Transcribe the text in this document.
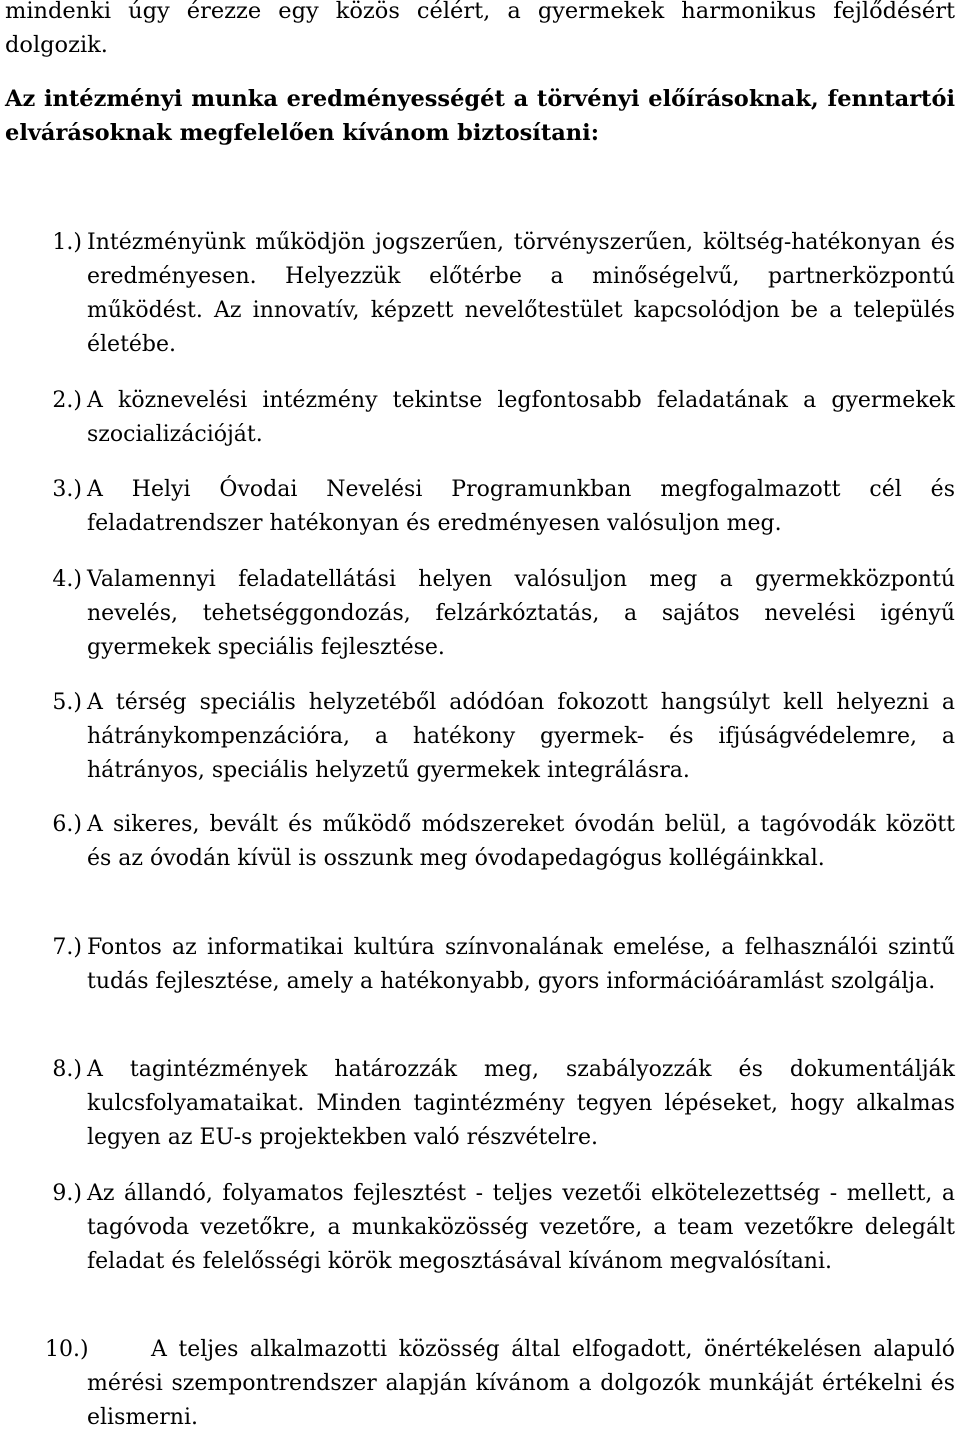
mindenki úgy érezze egy közös célért, a gyermekek harmonikus fejlődésért dolgozik.
Az intézményi munka eredményességét a törvényi előírásoknak, fenntartói elvárásoknak megfelelően kívánom biztosítani:
1.) Intézményünk működjön jogszerűen, törvényszerűen, költség-hatékonyan és eredményesen. Helyezzük előtérbe a minőségelvű, partnerközpontú működést. Az innovatív, képzett nevelőtestület kapcsolódjon be a település életébe.
2.) A köznevelési intézmény tekintse legfontosabb feladatának a gyermekek szocializációját.
3.) A Helyi Óvodai Nevelési Programunkban megfogalmazott cél és feladatrendszer hatékonyan és eredményesen valósuljon meg.
4.) Valamennyi feladatellátási helyen valósuljon meg a gyermekközpontú nevelés, tehetséggondozás, felzárkóztatás, a sajátos nevelési igényű gyermekek speciális fejlesztése.
5.) A térség speciális helyzetéből adódóan fokozott hangsúlyt kell helyezni a hátránykompenzációra, a hatékony gyermek- és ifjúságvédelemre, a hátrányos, speciális helyzetű gyermekek integrálásra.
6.) A sikeres, bevált és működő módszereket óvodán belül, a tagóvodák között és az óvodán kívül is osszunk meg óvodapedagógus kollégáinkkal.
7.) Fontos az informatikai kultúra színvonalának emelése, a felhasználói szintű tudás fejlesztése, amely a hatékonyabb, gyors információáramlást szolgálja.
8.) A tagintézmények határozzák meg, szabályozzák és dokumentálják kulcsfolyamataikat. Minden tagintézmény tegyen lépéseket, hogy alkalmas legyen az EU-s projektekben való részvételre.
9.) Az állandó, folyamatos fejlesztést - teljes vezetői elkötelezettség - mellett, a tagóvoda vezetőkre, a munkaközösség vezetőre, a team vezetőkre delegált feladat és felelősségi körök megosztásával kívánom megvalósítani.
10.)	A teljes alkalmazotti közösség által elfogadott, önértékelésen alapuló mérési szempontrendszer alapján kívánom a dolgozók munkáját értékelni és elismerni.
